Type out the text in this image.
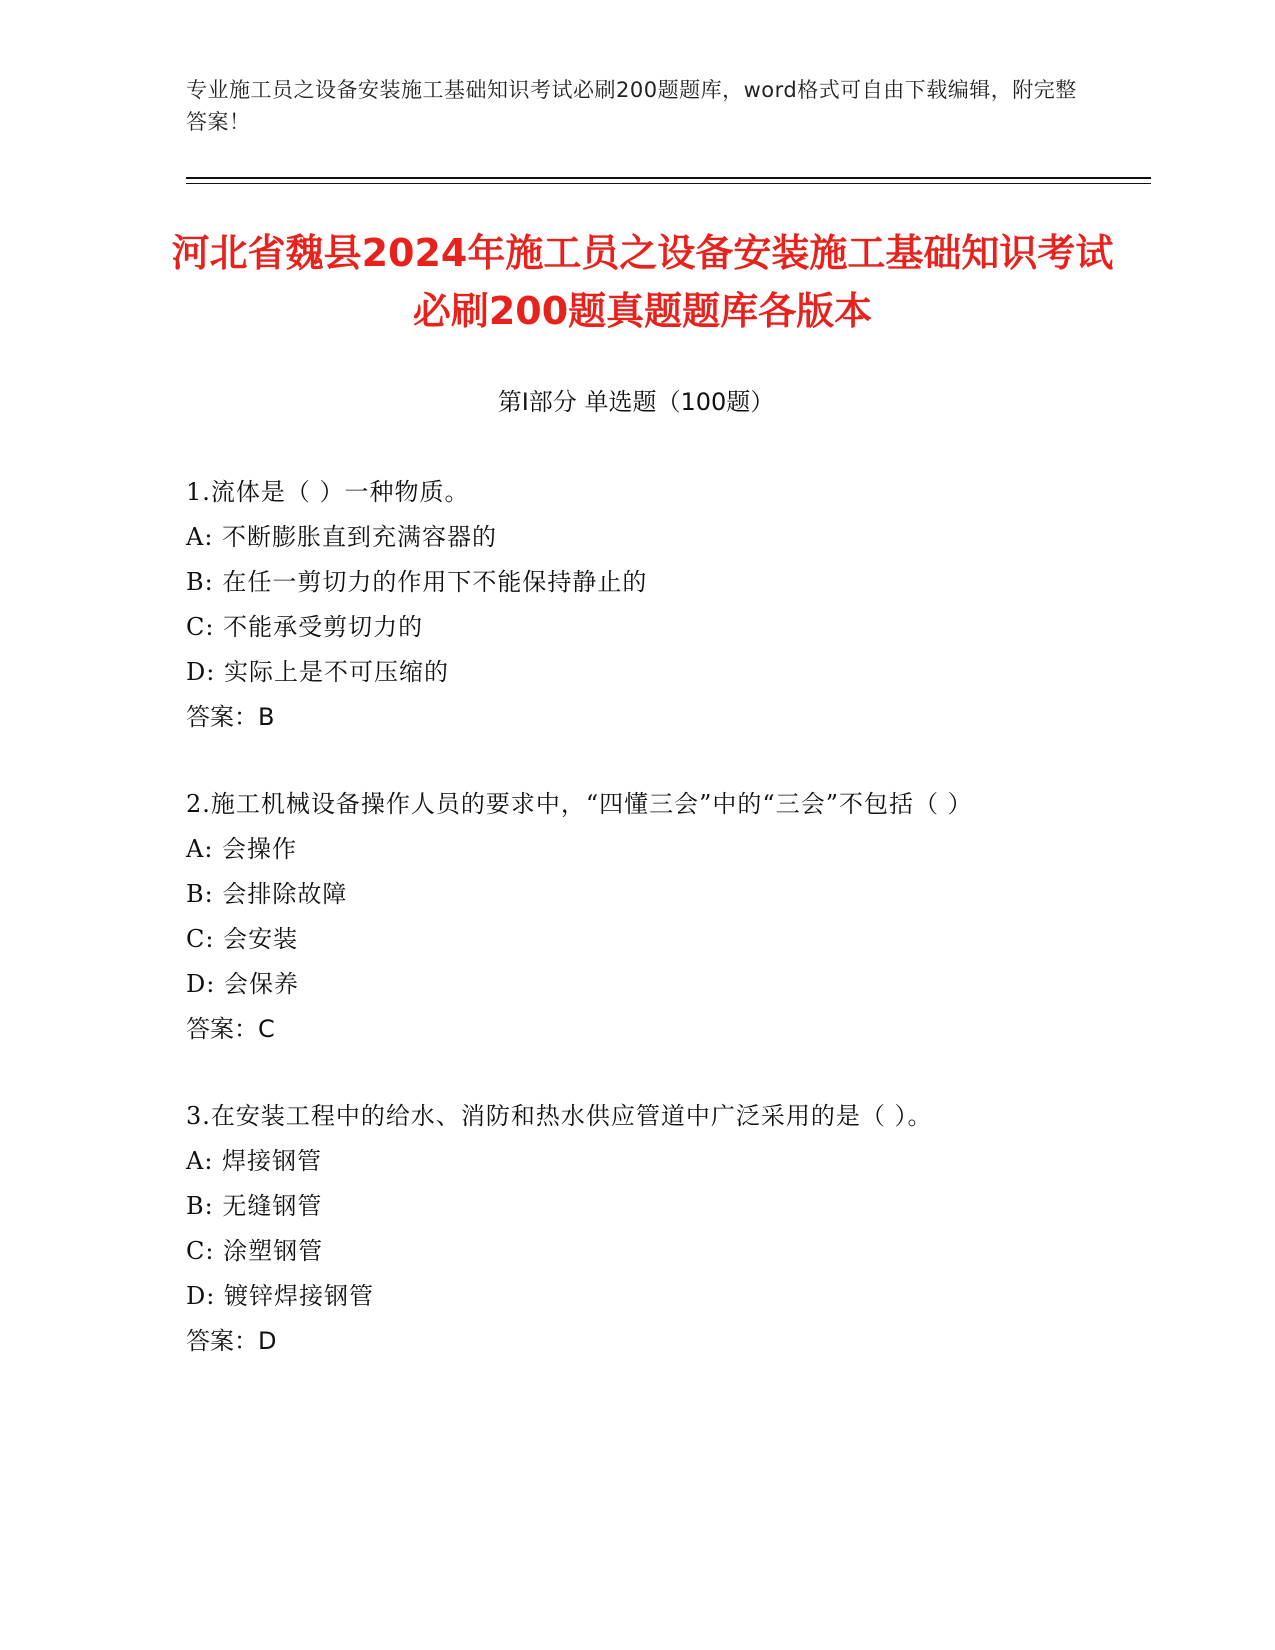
专业施工员之设备安装施工基础知识考试必刷200题题库，word格式可自由下载编辑，附完整答案！
河北省魏县2024年施工员之设备安装施工基础知识考试必刷200题真题题库各版本
第Ⅰ部分 单选题（100题）
1.流体是（ ）一种物质。
A: 不断膨胀直到充满容器的
B: 在任一剪切力的作用下不能保持静止的
C: 不能承受剪切力的
D: 实际上是不可压缩的
答案：B
2.施工机械设备操作人员的要求中，“四懂三会”中的“三会”不包括（ ）
A: 会操作
B: 会排除故障
C: 会安装
D: 会保养
答案：C
3.在安装工程中的给水、消防和热水供应管道中广泛采用的是（ ）。
A: 焊接钢管
B: 无缝钢管
C: 涂塑钢管
D: 镀锌焊接钢管
答案：D
